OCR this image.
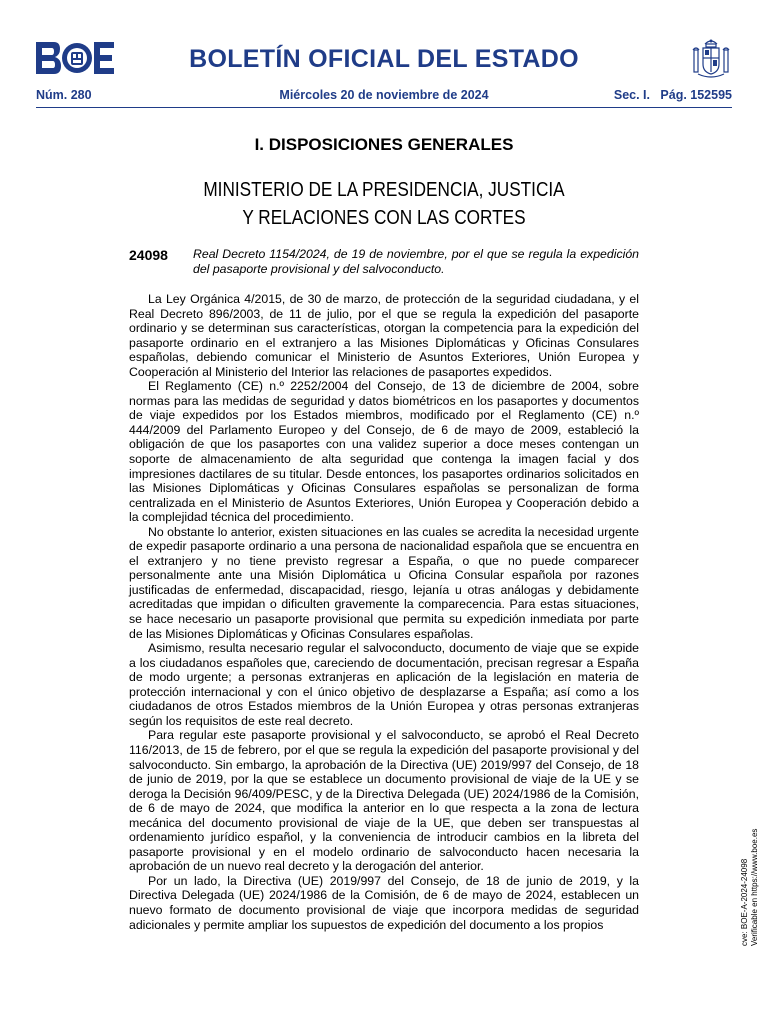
BOLETÍN OFICIAL DEL ESTADO
Núm. 280	Miércoles 20 de noviembre de 2024	Sec. I.   Pág. 152595
I. DISPOSICIONES GENERALES
MINISTERIO DE LA PRESIDENCIA, JUSTICIA
Y RELACIONES CON LAS CORTES
24098 Real Decreto 1154/2024, de 19 de noviembre, por el que se regula la expedición del pasaporte provisional y del salvoconducto.

La Ley Orgánica 4/2015, de 30 de marzo, de protección de la seguridad ciudadana, y el Real Decreto 896/2003, de 11 de julio, por el que se regula la expedición del pasaporte ordinario y se determinan sus características, otorgan la competencia para la expedición del pasaporte ordinario en el extranjero a las Misiones Diplomáticas y Oficinas Consulares españolas, debiendo comunicar el Ministerio de Asuntos Exteriores, Unión Europea y Cooperación al Ministerio del Interior las relaciones de pasaportes expedidos.

El Reglamento (CE) n.º 2252/2004 del Consejo, de 13 de diciembre de 2004, sobre normas para las medidas de seguridad y datos biométricos en los pasaportes y documentos de viaje expedidos por los Estados miembros, modificado por el Reglamento (CE) n.º 444/2009 del Parlamento Europeo y del Consejo, de 6 de mayo de 2009, estableció la obligación de que los pasaportes con una validez superior a doce meses contengan un soporte de almacenamiento de alta seguridad que contenga la imagen facial y dos impresiones dactilares de su titular. Desde entonces, los pasaportes ordinarios solicitados en las Misiones Diplomáticas y Oficinas Consulares españolas se personalizan de forma centralizada en el Ministerio de Asuntos Exteriores, Unión Europea y Cooperación debido a la complejidad técnica del procedimiento.

No obstante lo anterior, existen situaciones en las cuales se acredita la necesidad urgente de expedir pasaporte ordinario a una persona de nacionalidad española que se encuentra en el extranjero y no tiene previsto regresar a España, o que no puede comparecer personalmente ante una Misión Diplomática u Oficina Consular española por razones justificadas de enfermedad, discapacidad, riesgo, lejanía u otras análogas y debidamente acreditadas que impidan o dificulten gravemente la comparecencia. Para estas situaciones, se hace necesario un pasaporte provisional que permita su expedición inmediata por parte de las Misiones Diplomáticas y Oficinas Consulares españolas.

Asimismo, resulta necesario regular el salvoconducto, documento de viaje que se expide a los ciudadanos españoles que, careciendo de documentación, precisan regresar a España de modo urgente; a personas extranjeras en aplicación de la legislación en materia de protección internacional y con el único objetivo de desplazarse a España; así como a los ciudadanos de otros Estados miembros de la Unión Europea y otras personas extranjeras según los requisitos de este real decreto.

Para regular este pasaporte provisional y el salvoconducto, se aprobó el Real Decreto 116/2013, de 15 de febrero, por el que se regula la expedición del pasaporte provisional y del salvoconducto. Sin embargo, la aprobación de la Directiva (UE) 2019/997 del Consejo, de 18 de junio de 2019, por la que se establece un documento provisional de viaje de la UE y se deroga la Decisión 96/409/PESC, y de la Directiva Delegada (UE) 2024/1986 de la Comisión, de 6 de mayo de 2024, que modifica la anterior en lo que respecta a la zona de lectura mecánica del documento provisional de viaje de la UE, que deben ser transpuestas al ordenamiento jurídico español, y la conveniencia de introducir cambios en la libreta del pasaporte provisional y en el modelo ordinario de salvoconducto hacen necesaria la aprobación de un nuevo real decreto y la derogación del anterior.

Por un lado, la Directiva (UE) 2019/997 del Consejo, de 18 de junio de 2019, y la Directiva Delegada (UE) 2024/1986 de la Comisión, de 6 de mayo de 2024, establecen un nuevo formato de documento provisional de viaje que incorpora medidas de seguridad adicionales y permite ampliar los supuestos de expedición del documento a los propios	cve: BOE-A-2024-24098 Verificable en https://www.boe.es
